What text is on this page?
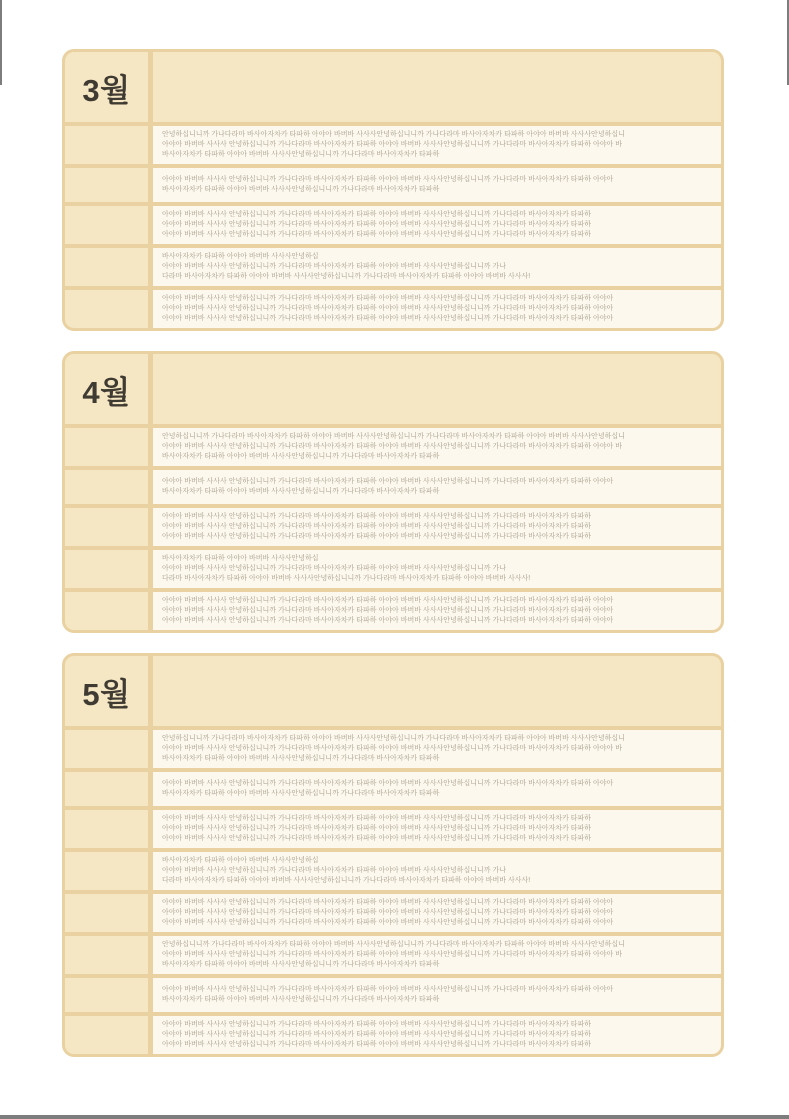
3월
안녕하십니니까 가나다라마 바사아자차카 타파하 아야아 바버바 사사사안녕하십니니까 가나다라마 바사아자차카 타파하 아야아 바버바 사사사안녕하십니
아야아 바버바 사사사 안녕하십니니까 가나다라마 바사아자차카 타파하 아야아 바버바 사사사안녕하십니니까 가나다라마 바사아자차카 타파하 아야아 바
바사아자차카 타파하 아야아 바버바 사사사안녕하십니니까 가나다라마 바사아자차카 타파하
아야아 바버바 사사사 안녕하십니니까 가나다라마 바사아자차카 타파하 아야아 바버바 사사사안녕하십니니까 가나다라마 바사아자차카 타파하 아야아
바사아자차카 타파하 아야아 바버바 사사사안녕하십니니까 가나다라마 바사아자차카 타파하
아야아 바버바 사사사 안녕하십니니까 가나다라마 바사아자차카 타파하 아야아 바버바 사사사안녕하십니니까 가나다라마 바사아자차카 타파하
아야아 바버바 사사사 안녕하십니니까 가나다라마 바사아자차카 타파하 아야아 바버바 사사사안녕하십니니까 가나다라마 바사아자차카 타파하
아야아 바버바 사사사 안녕하십니니까 가나다라마 바사아자차카 타파하 아야아 바버바 사사사안녕하십니니까 가나다라마 바사아자차카 타파하
바사아자차카 타파하 아야아 바버바 사사사안녕하십
아야아 바버바 사사사 안녕하십니니까 가나다라마 바사아자차카 타파하 아야아 바버바 사사사안녕하십니니까 가나
다라마 바사아자차카 타파하 아야아 바버바 사사사안녕하십니니까 가나다라마 바사아자차카 타파하 아야아 바버바 사사사!
아야아 바버바 사사사 안녕하십니니까 가나다라마 바사아자차카 타파하 아야아 바버바 사사사안녕하십니니까 가나다라마 바사아자차카 타파하 아야아
아야아 바버바 사사사 안녕하십니니까 가나다라마 바사아자차카 타파하 아야아 바버바 사사사안녕하십니니까 가나다라마 바사아자차카 타파하 아야아
아야아 바버바 사사사 안녕하십니니까 가나다라마 바사아자차카 타파하 아야아 바버바 사사사안녕하십니니까 가나다라마 바사아자차카 타파하 아야아
4월
안녕하십니니까 가나다라마 바사아자차카 타파하 아야아 바버바 사사사안녕하십니니까 가나다라마 바사아자차카 타파하 아야아 바버바 사사사안녕하십니
아야아 바버바 사사사 안녕하십니니까 가나다라마 바사아자차카 타파하 아야아 바버바 사사사안녕하십니니까 가나다라마 바사아자차카 타파하 아야아 바
바사아자차카 타파하 아야아 바버바 사사사안녕하십니니까 가나다라마 바사아자차카 타파하
아야아 바버바 사사사 안녕하십니니까 가나다라마 바사아자차카 타파하 아야아 바버바 사사사안녕하십니니까 가나다라마 바사아자차카 타파하 아야아
바사아자차카 타파하 아야아 바버바 사사사안녕하십니니까 가나다라마 바사아자차카 타파하
아야아 바버바 사사사 안녕하십니니까 가나다라마 바사아자차카 타파하 아야아 바버바 사사사안녕하십니니까 가나다라마 바사아자차카 타파하
아야아 바버바 사사사 안녕하십니니까 가나다라마 바사아자차카 타파하 아야아 바버바 사사사안녕하십니니까 가나다라마 바사아자차카 타파하
아야아 바버바 사사사 안녕하십니니까 가나다라마 바사아자차카 타파하 아야아 바버바 사사사안녕하십니니까 가나다라마 바사아자차카 타파하
바사아자차카 타파하 아야아 바버바 사사사안녕하십
아야아 바버바 사사사 안녕하십니니까 가나다라마 바사아자차카 타파하 아야아 바버바 사사사안녕하십니니까 가나
다라마 바사아자차카 타파하 아야아 바버바 사사사안녕하십니니까 가나다라마 바사아자차카 타파하 아야아 바버바 사사사!
아야아 바버바 사사사 안녕하십니니까 가나다라마 바사아자차카 타파하 아야아 바버바 사사사안녕하십니니까 가나다라마 바사아자차카 타파하 아야아
아야아 바버바 사사사 안녕하십니니까 가나다라마 바사아자차카 타파하 아야아 바버바 사사사안녕하십니니까 가나다라마 바사아자차카 타파하 아야아
아야아 바버바 사사사 안녕하십니니까 가나다라마 바사아자차카 타파하 아야아 바버바 사사사안녕하십니니까 가나다라마 바사아자차카 타파하 아야아
5월
안녕하십니니까 가나다라마 바사아자차카 타파하 아야아 바버바 사사사안녕하십니니까 가나다라마 바사아자차카 타파하 아야아 바버바 사사사안녕하십니
아야아 바버바 사사사 안녕하십니니까 가나다라마 바사아자차카 타파하 아야아 바버바 사사사안녕하십니니까 가나다라마 바사아자차카 타파하 아야아 바
바사아자차카 타파하 아야아 바버바 사사사안녕하십니니까 가나다라마 바사아자차카 타파하
아야아 바버바 사사사 안녕하십니니까 가나다라마 바사아자차카 타파하 아야아 바버바 사사사안녕하십니니까 가나다라마 바사아자차카 타파하 아야아
바사아자차카 타파하 아야아 바버바 사사사안녕하십니니까 가나다라마 바사아자차카 타파하
아야아 바버바 사사사 안녕하십니니까 가나다라마 바사아자차카 타파하 아야아 바버바 사사사안녕하십니니까 가나다라마 바사아자차카 타파하
아야아 바버바 사사사 안녕하십니니까 가나다라마 바사아자차카 타파하 아야아 바버바 사사사안녕하십니니까 가나다라마 바사아자차카 타파하
아야아 바버바 사사사 안녕하십니니까 가나다라마 바사아자차카 타파하 아야아 바버바 사사사안녕하십니니까 가나다라마 바사아자차카 타파하
바사아자차카 타파하 아야아 바버바 사사사안녕하십
아야아 바버바 사사사 안녕하십니니까 가나다라마 바사아자차카 타파하 아야아 바버바 사사사안녕하십니니까 가나
다라마 바사아자차카 타파하 아야아 바버바 사사사안녕하십니니까 가나다라마 바사아자차카 타파하 아야아 바버바 사사사!
아야아 바버바 사사사 안녕하십니니까 가나다라마 바사아자차카 타파하 아야아 바버바 사사사안녕하십니니까 가나다라마 바사아자차카 타파하 아야아
아야아 바버바 사사사 안녕하십니니까 가나다라마 바사아자차카 타파하 아야아 바버바 사사사안녕하십니니까 가나다라마 바사아자차카 타파하 아야아
아야아 바버바 사사사 안녕하십니니까 가나다라마 바사아자차카 타파하 아야아 바버바 사사사안녕하십니니까 가나다라마 바사아자차카 타파하 아야아
안녕하십니니까 가나다라마 바사아자차카 타파하 아야아 바버바 사사사안녕하십니니까 가나다라마 바사아자차카 타파하 아야아 바버바 사사사안녕하십니
아야아 바버바 사사사 안녕하십니니까 가나다라마 바사아자차카 타파하 아야아 바버바 사사사안녕하십니니까 가나다라마 바사아자차카 타파하 아야아 바
바사아자차카 타파하 아야아 바버바 사사사안녕하십니니까 가나다라마 바사아자차카 타파하
아야아 바버바 사사사 안녕하십니니까 가나다라마 바사아자차카 타파하 아야아 바버바 사사사안녕하십니니까 가나다라마 바사아자차카 타파하 아야아
바사아자차카 타파하 아야아 바버바 사사사안녕하십니니까 가나다라마 바사아자차카 타파하
아야아 바버바 사사사 안녕하십니니까 가나다라마 바사아자차카 타파하 아야아 바버바 사사사안녕하십니니까 가나다라마 바사아자차카 타파하
아야아 바버바 사사사 안녕하십니니까 가나다라마 바사아자차카 타파하 아야아 바버바 사사사안녕하십니니까 가나다라마 바사아자차카 타파하
아야아 바버바 사사사 안녕하십니니까 가나다라마 바사아자차카 타파하 아야아 바버바 사사사안녕하십니니까 가나다라마 바사아자차카 타파하
